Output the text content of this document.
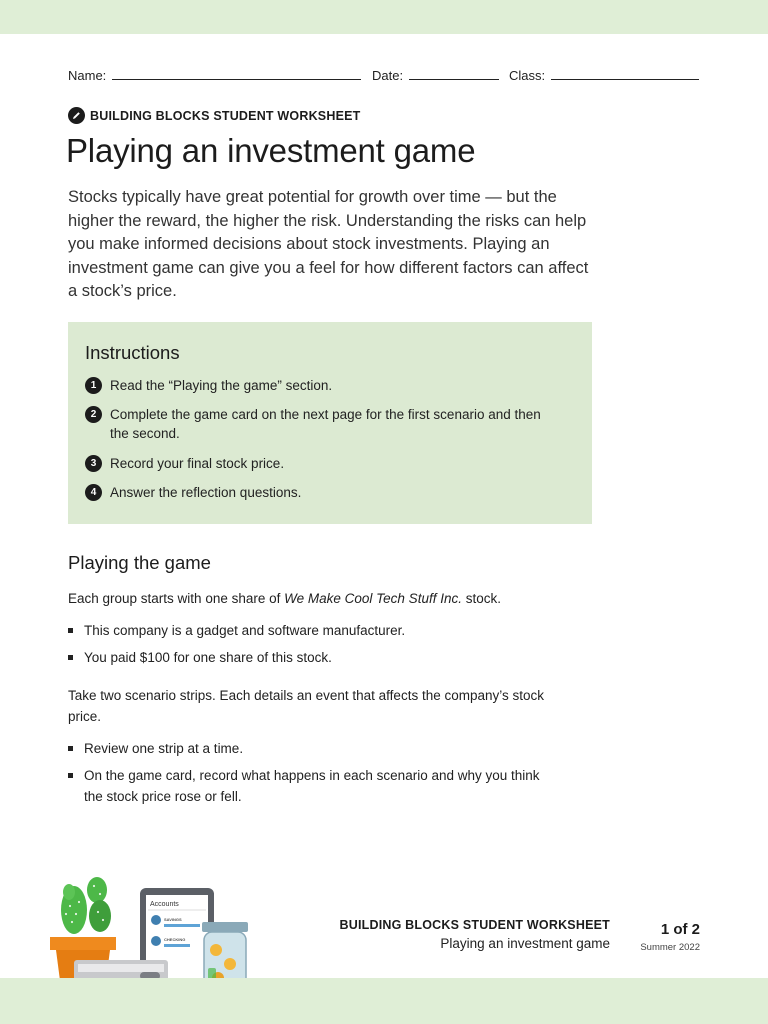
Name:	Date:	Class:
BUILDING BLOCKS STUDENT WORKSHEET
Playing an investment game

Stocks typically have great potential for growth over time — but the higher the reward, the higher the risk. Understanding the risks can help you make informed decisions about stock investments. Playing an investment game can give you a feel for how different factors can affect a stock’s price.

Instructions
1	Read the “Playing the game” section.
2	Complete the game card on the next page for the first scenario and then the second.
3	Record your final stock price.
4	Answer the reflection questions.
Playing the game

Each group starts with one share of We Make Cool Tech Stuff Inc. stock.

This company is a gadget and software manufacturer.
You paid $100 for one share of this stock.

Take two scenario strips. Each details an event that affects the company’s stock price.

Review one strip at a time.
On the game card, record what happens in each scenario and why you think the stock price rose or fell.
Accounts
SAVINGS
CHECKING
BUILDING BLOCKS STUDENT WORKSHEET
Playing an investment game
1 of 2
Summer 2022
